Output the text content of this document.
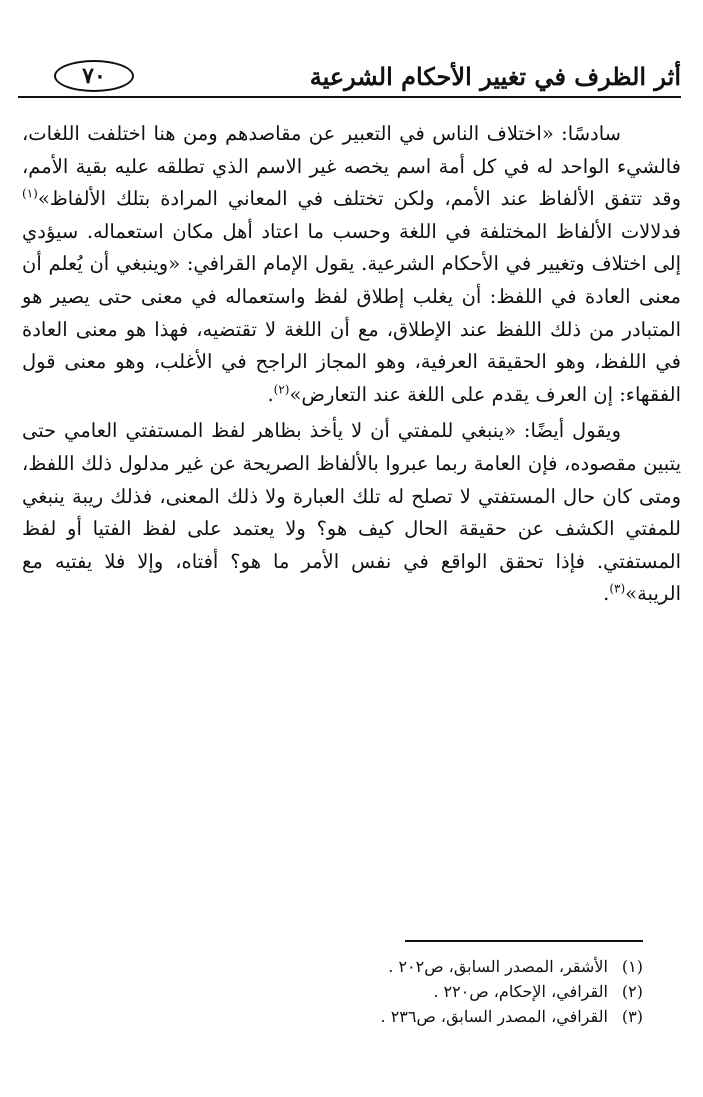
أثر الظرف في تغيير الأحكام الشرعية
٧٠

سادسًا: «اختلاف الناس في التعبير عن مقاصدهم ومن هنا اختلفت اللغات، فالشيء الواحد له في كل أمة اسم يخصه غير الاسم الذي تطلقه عليه بقية الأمم، وقد تتفق الألفاظ عند الأمم، ولكن تختلف في المعاني المرادة بتلك الألفاظ»$^{(١)}$ فدلالات الألفاظ المختلفة في اللغة وحسب ما اعتاد أهل مكان استعماله. سيؤدي إلى اختلاف وتغيير في الأحكام الشرعية. يقول الإمام القرافي: «وينبغي أن يُعلم أن معنى العادة في اللفظ: أن يغلب إطلاق لفظ واستعماله في معنى حتى يصير هو المتبادر من ذلك اللفظ عند الإطلاق، مع أن اللغة لا تقتضيه، فهذا هو معنى العادة في اللفظ، وهو الحقيقة العرفية، وهو المجاز الراجح في الأغلب، وهو معنى قول الفقهاء: إن العرف يقدم على اللغة عند التعارض»$^{(٢)}$.

ويقول أيضًا: «ينبغي للمفتي أن لا يأخذ بظاهر لفظ المستفتي العامي حتى يتبين مقصوده، فإن العامة ربما عبروا بالألفاظ الصريحة عن غير مدلول ذلك اللفظ، ومتى كان حال المستفتي لا تصلح له تلك العبارة ولا ذلك المعنى، فذلك ريبة ينبغي للمفتي الكشف عن حقيقة الحال كيف هو؟ ولا يعتمد على لفظ الفتيا أو لفظ المستفتي. فإذا تحقق الواقع في نفس الأمر ما هو؟ أفتاه، وإلا فلا يفتيه مع الريبة»$^{(٣)}$.

(١)الأشقر، المصدر السابق، ص٢٠٢ .
(٢)القرافي، الإحكام، ص٢٢٠ .
(٣)القرافي، المصدر السابق، ص٢٣٦ .
